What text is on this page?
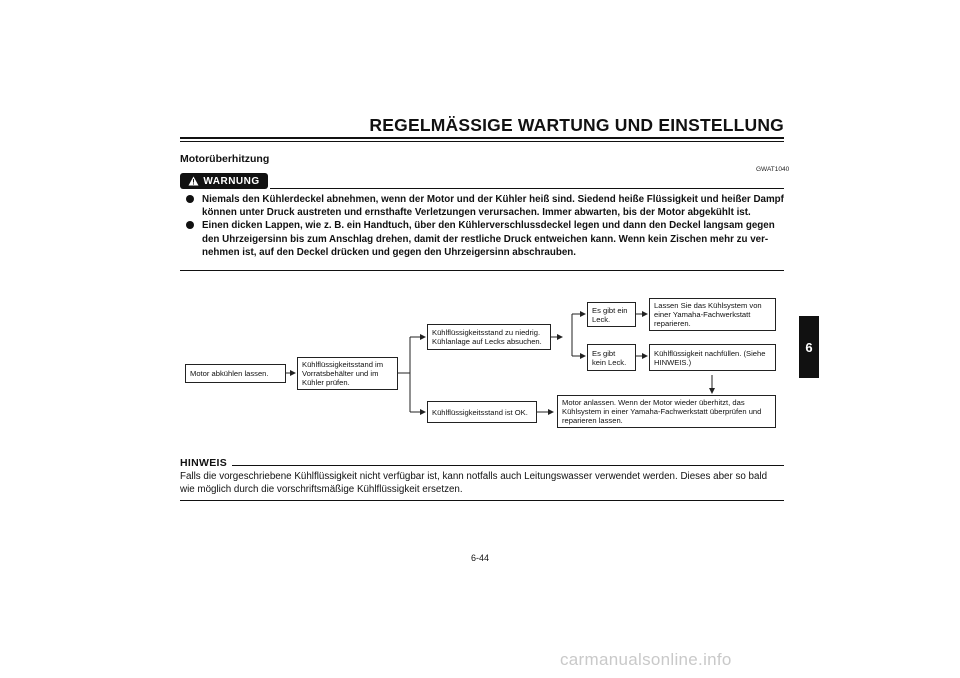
REGELMÄSSIGE WARTUNG UND EINSTELLUNG
Motorüberhitzung
GWAT1040
WARNUNG
Niemals den Kühlerdeckel abnehmen, wenn der Motor und der Kühler heiß sind. Siedend heiße Flüssigkeit und heißer Dampf können unter Druck austreten und ernsthafte Verletzungen verursachen. Immer abwarten, bis der Motor abgekühlt ist.
Einen dicken Lappen, wie z. B. ein Handtuch, über den Kühlerverschlussdeckel legen und dann den Deckel langsam gegen den Uhrzeigersinn bis zum Anschlag drehen, damit der restliche Druck entweichen kann. Wenn kein Zischen mehr zu ver-nehmen ist, auf den Deckel drücken und gegen den Uhrzeigersinn abschrauben.
Motor abkühlen lassen.
Kühlflüssigkeitsstand im Vorratsbehälter und im Kühler prüfen.
Kühlflüssigkeitsstand zu niedrig. Kühlanlage auf Lecks absuchen.
Kühlflüssigkeitsstand ist OK.
Es gibt ein Leck.
Es gibt kein Leck.
Lassen Sie das Kühlsystem von einer Yamaha-Fachwerkstatt reparieren.
Kühlflüssigkeit nachfüllen. (Siehe HINWEIS.)
Motor anlassen. Wenn der Motor wieder überhitzt, das Kühlsystem in einer Yamaha-Fachwerkstatt überprüfen und reparieren lassen.
HINWEIS
Falls die vorgeschriebene Kühlflüssigkeit nicht verfügbar ist, kann notfalls auch Leitungswasser verwendet werden. Dieses aber so bald wie möglich durch die vorschriftsmäßige Kühlflüssigkeit ersetzen.
6-44
6
carmanualsonline.info
